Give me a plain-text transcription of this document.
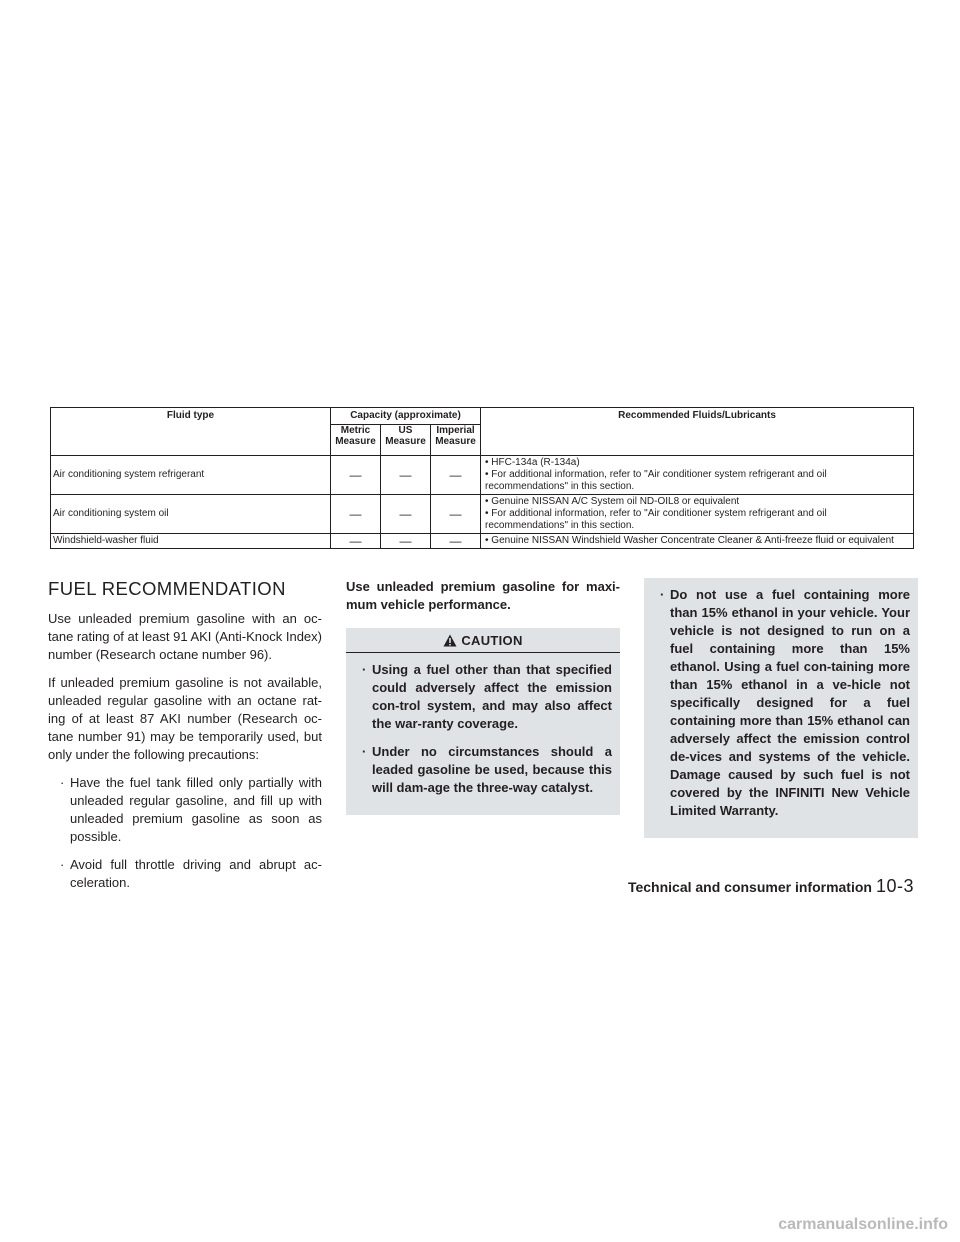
Fluid type	Capacity (approximate)			Recommended Fluids/Lubricants
	Metric Measure	US Measure	Imperial Measure	
Air conditioning system refrigerant	—	—	—	• HFC-134a (R-134a)
• For additional information, refer to "Air conditioner system refrigerant and oil recommendations" in this section.

Air conditioning system oil	—	—	—	• Genuine NISSAN A/C System oil ND-OIL8 or equivalent
• For additional information, refer to "Air conditioner system refrigerant and oil recommendations" in this section.

Windshield-washer fluid	—	—	—	• Genuine NISSAN Windshield Washer Concentrate Cleaner & Anti-freeze fluid or equivalent
FUEL RECOMMENDATION

Use unleaded premium gasoline with an oc-tane rating of at least 91 AKI (Anti-Knock Index) number (Research octane number 96).

If unleaded premium gasoline is not available, unleaded regular gasoline with an octane rat-ing of at least 87 AKI number (Research oc-tane number 91) may be temporarily used, but only under the following precautions:

· Have the fuel tank filled only partially with unleaded regular gasoline, and fill up with unleaded premium gasoline as soon as possible.
· Avoid full throttle driving and abrupt ac-celeration.

Use unleaded premium gasoline for maxi-mum vehicle performance.

CAUTION
· Using a fuel other than that specified could adversely affect the emission con-trol system, and may also affect the war-ranty coverage.
· Under no circumstances should a leaded gasoline be used, because this will dam-age the three-way catalyst.
· Do not use a fuel containing more than 15% ethanol in your vehicle. Your vehicle is not designed to run on a fuel containing more than 15% ethanol. Using a fuel con-taining more than 15% ethanol in a ve-hicle not specifically designed for a fuel containing more than 15% ethanol can adversely affect the emission control de-vices and systems of the vehicle. Damage caused by such fuel is not covered by the INFINITI New Vehicle Limited Warranty.
Technical and consumer information 10-3
carmanualsonline.info
